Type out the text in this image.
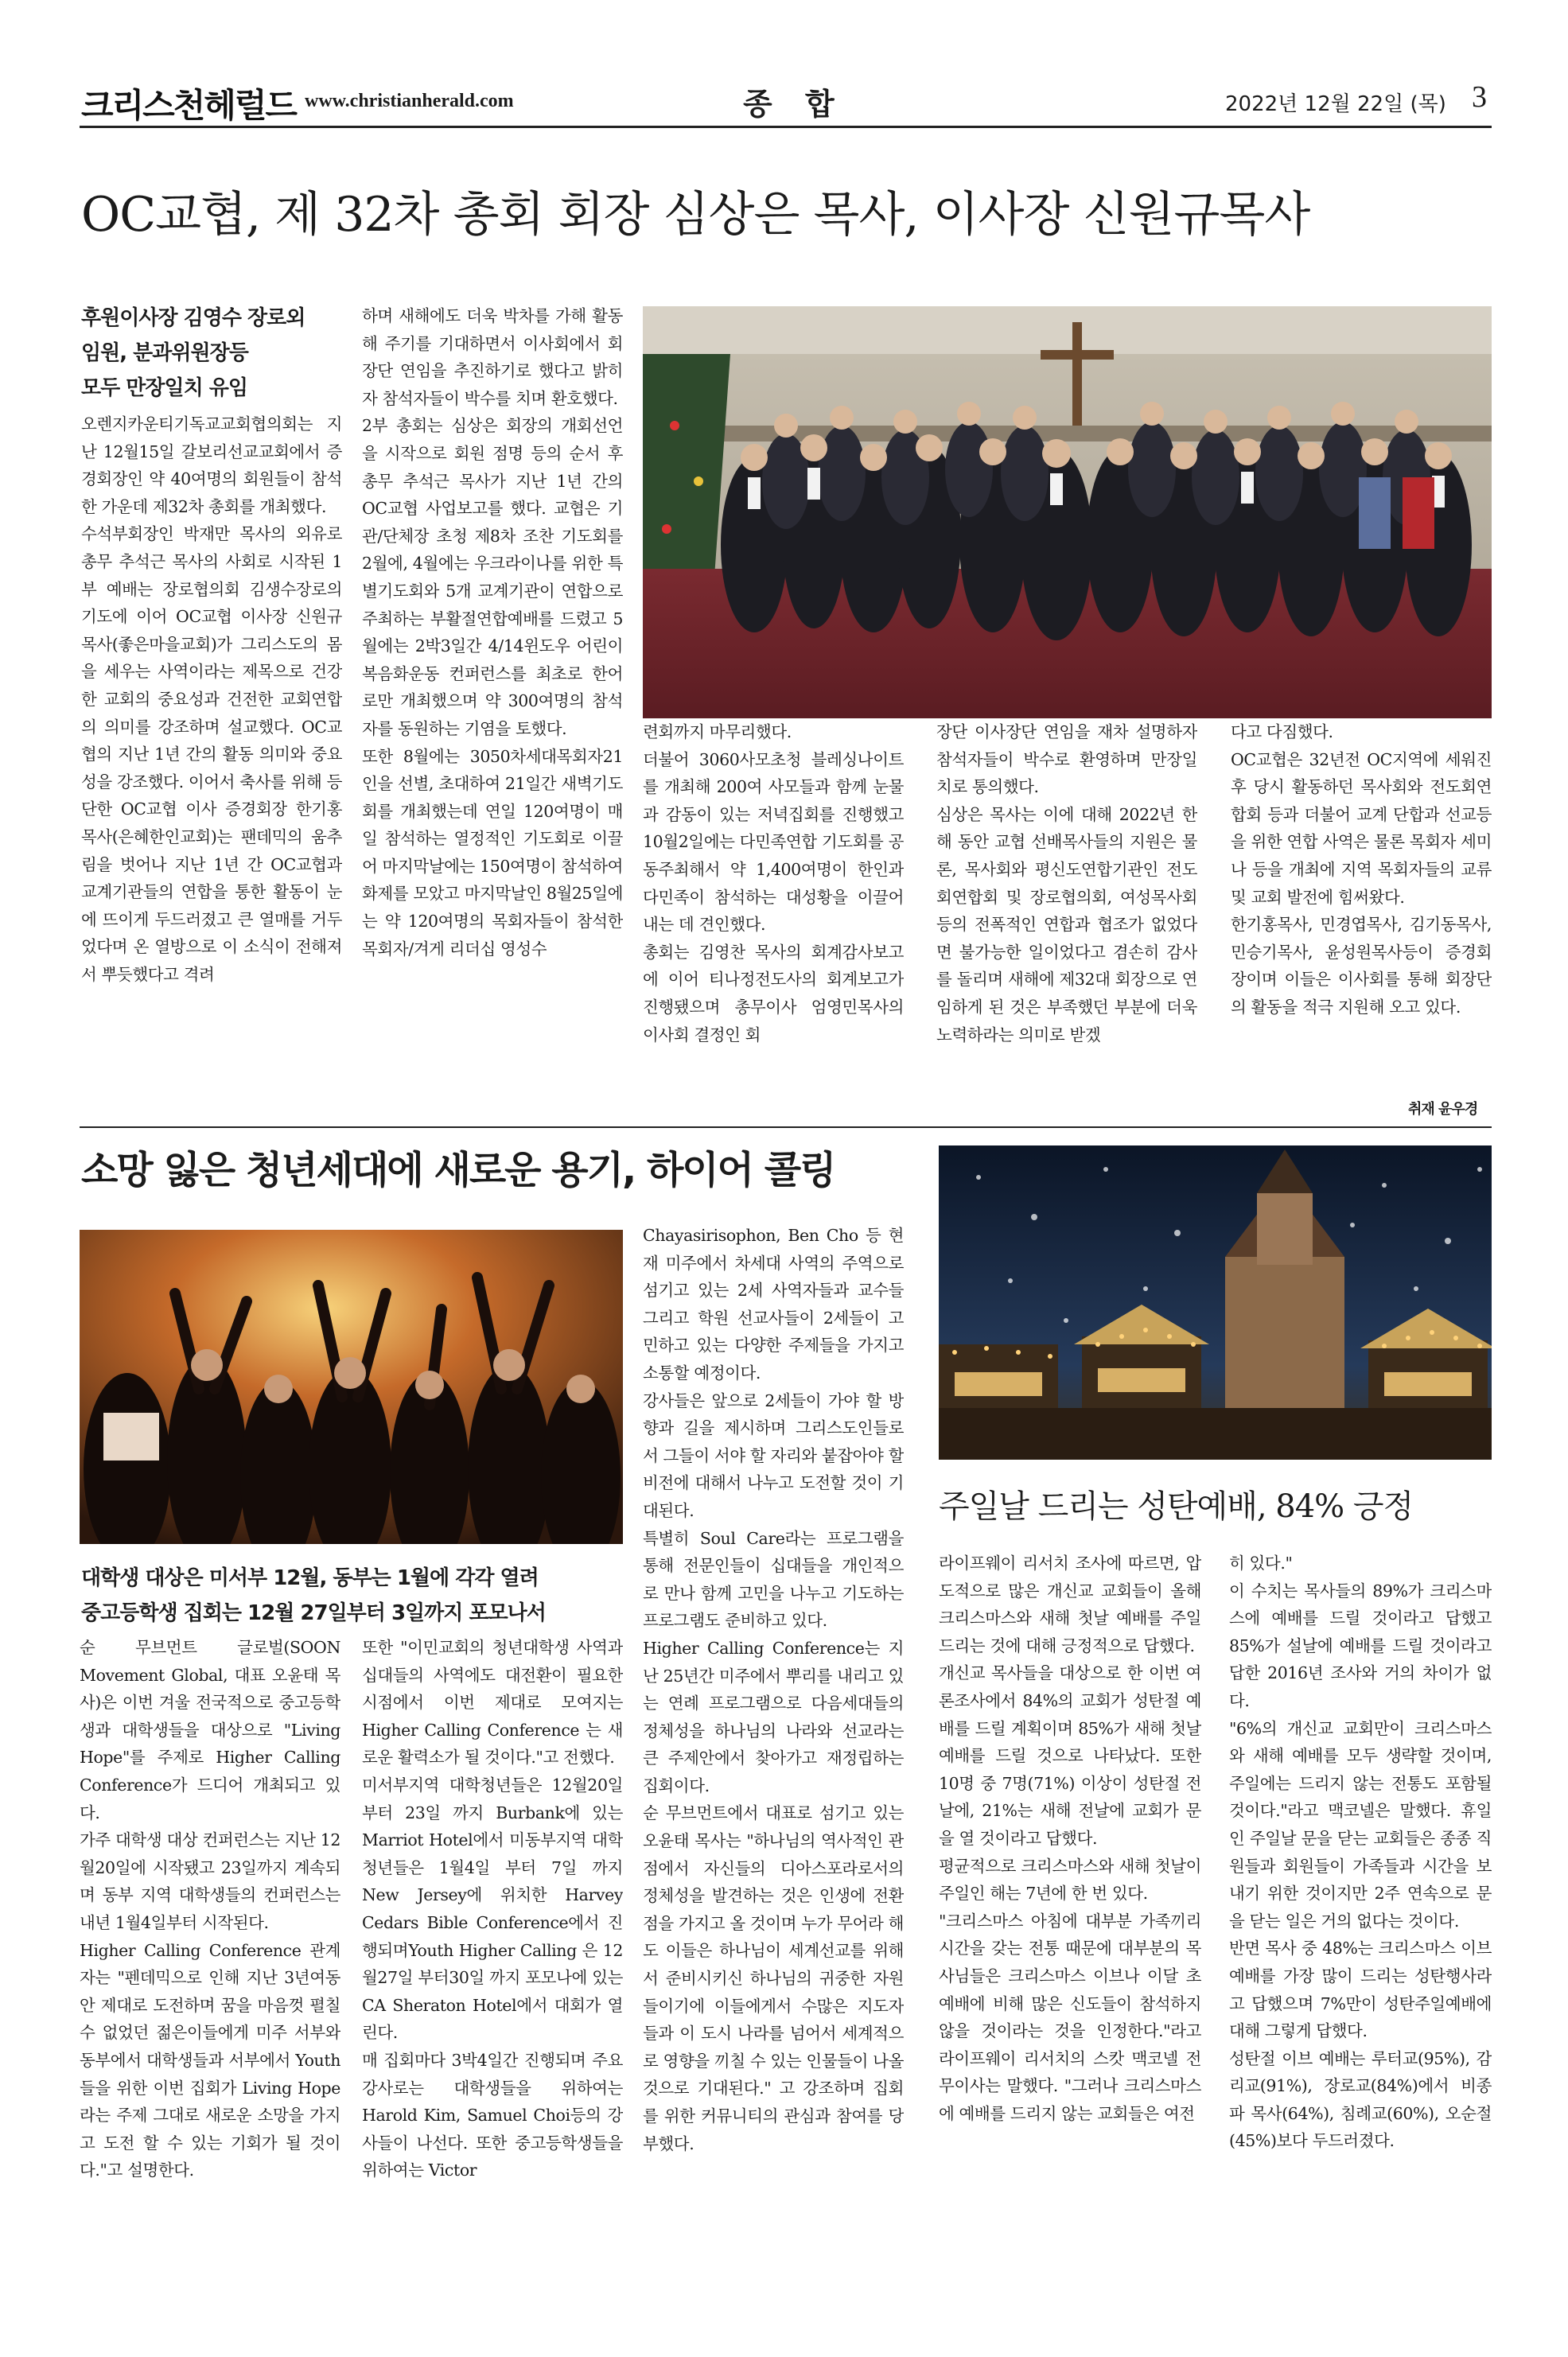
크리스천헤럴드 www.christianherald.com	종 합	2022년 12월 22일 (목) 3
OC교협, 제 32차 총회 회장 심상은 목사, 이사장 신원규목사
후원이사장 김영수 장로외
임원, 분과위원장등
모두 만장일치 유임
오렌지카운티기독교교회협의회는 지난 12월15일 갈보리선교교회에서 증경회장인 약 40여명의 회원들이 참석한 가운데 제32차 총회를 개최했다.
수석부회장인 박재만 목사의 외유로 총무 추석근 목사의 사회로 시작된 1부 예배는 장로협의회 김생수장로의 기도에 이어 OC교협 이사장 신원규 목사(좋은마을교회)가 그리스도의 몸을 세우는 사역이라는 제목으로 건강한 교회의 중요성과 건전한 교회연합의 의미를 강조하며 설교했다. OC교협의 지난 1년 간의 활동 의미와 중요성을 강조했다. 이어서 축사를 위해 등단한 OC교협 이사 증경회장 한기홍 목사(은혜한인교회)는 팬데믹의 움추림을 벗어나 지난 1년 간 OC교협과 교계기관들의 연합을 통한 활동이 눈에 뜨이게 두드러졌고 큰 열매를 거두었다며 온 열방으로 이 소식이 전해져서 뿌듯했다고 격려
하며 새해에도 더욱 박차를 가해 활동해 주기를 기대하면서 이사회에서 회장단 연임을 추진하기로 했다고 밝히자 참석자들이 박수를 치며 환호했다.
2부 총회는 심상은 회장의 개회선언을 시작으로 회원 점명 등의 순서 후 총무 추석근 목사가 지난 1년 간의 OC교협 사업보고를 했다. 교협은 기관/단체장 초청 제8차 조찬 기도회를 2월에, 4월에는 우크라이나를 위한 특별기도회와 5개 교계기관이 연합으로 주최하는 부활절연합예배를 드렸고 5월에는 2박3일간 4/14윈도우 어린이복음화운동 컨퍼런스를 최초로 한어로만 개최했으며 약 300여명의 참석자를 동원하는 기염을 토했다.
또한 8월에는 3050차세대목회자21인을 선별, 초대하여 21일간 새벽기도회를 개최했는데 연일 120여명이 매일 참석하는 열정적인 기도회로 이끌어 마지막날에는 150여명이 참석하여 화제를 모았고 마지막날인 8월25일에는 약 120여명의 목회자들이 참석한 목회자/겨게 리더십 영성수
련회까지 마무리했다.
더불어 3060사모초청 블레싱나이트를 개최해 200여 사모들과 함께 눈물과 감동이 있는 저녁집회를 진행했고 10월2일에는 다민족연합 기도회를 공동주최해서 약 1,400여명이 한인과 다민족이 참석하는 대성황을 이끌어내는 데 견인했다.
총회는 김영찬 목사의 회계감사보고에 이어 티나정전도사의 회계보고가 진행됐으며 총무이사 엄영민목사의 이사회 결정인 회
장단 이사장단 연임을 재차 설명하자 참석자들이 박수로 환영하며 만장일치로 통의했다.
심상은 목사는 이에 대해 2022년 한 해 동안 교협 선배목사들의 지원은 물론, 목사회와 평신도연합기관인 전도회연합회 및 장로협의회, 여성목사회 등의 전폭적인 연합과 협조가 없었다면 불가능한 일이었다고 겸손히 감사를 돌리며 새해에 제32대 회장으로 연임하게 된 것은 부족했던 부분에 더욱 노력하라는 의미로 받겠
다고 다짐했다.
OC교협은 32년전 OC지역에 세워진 후 당시 활동하던 목사회와 전도회연합회 등과 더불어 교계 단합과 선교등을 위한 연합 사역은 물론 목회자 세미나 등을 개최에 지역 목회자들의 교류 및 교회 발전에 힘써왔다.
한기홍목사, 민경엽목사, 김기동목사, 민승기목사, 윤성원목사등이 증경회장이며 이들은 이사회를 통해 회장단의 활동을 적극 지원해 오고 있다.
취재 윤우경
소망 잃은 청년세대에 새로운 용기, 하이어 콜링
대학생 대상은 미서부 12월, 동부는 1월에 각각 열려
중고등학생 집회는 12월 27일부터 3일까지 포모나서
순 무브먼트 글로벌(SOON Movement Global, 대표 오윤태 목사)은 이번 겨울 전국적으로 중고등학생과 대학생들을 대상으로 "Living Hope"를 주제로 Higher Calling Conference가 드디어 개최되고 있다.
가주 대학생 대상 컨퍼런스는 지난 12월20일에 시작됐고 23일까지 계속되며 동부 지역 대학생들의 컨퍼런스는 내년 1월4일부터 시작된다.
Higher Calling Conference 관계자는 "펜데믹으로 인해 지난 3년여동안 제대로 도전하며 꿈을 마음껏 펼칠 수 없었던 젊은이들에게 미주 서부와 동부에서 대학생들과 서부에서 Youth 들을 위한 이번 집회가 Living Hope라는 주제 그대로 새로운 소망을 가지고 도전 할 수 있는 기회가 될 것이다."고 설명한다.
또한 "이민교회의 청년대학생 사역과 십대들의 사역에도 대전환이 필요한 시점에서 이번 제대로 모여지는 Higher Calling Conference 는 새로운 활력소가 될 것이다."고 전했다.
미서부지역 대학청년들은 12월20일 부터 23일 까지 Burbank에 있는 Marriot Hotel에서 미동부지역 대학청년들은 1월4일 부터 7일 까지 New Jersey에 위치한 Harvey Cedars Bible Conference에서 진행되며Youth Higher Calling 은 12월27일 부터30일 까지 포모나에 있는 CA Sheraton Hotel에서 대회가 열린다.
매 집회마다 3박4일간 진행되며 주요강사로는 대학생들을 위하여는 Harold Kim, Samuel Choi등의 강사들이 나선다. 또한 중고등학생들을 위하여는 Victor
Chayasirisophon, Ben Cho 등 현재 미주에서 차세대 사역의 주역으로 섬기고 있는 2세 사역자들과 교수들 그리고 학원 선교사들이 2세들이 고민하고 있는 다양한 주제들을 가지고 소통할 예정이다.
강사들은 앞으로 2세들이 가야 할 방향과 길을 제시하며 그리스도인들로서 그들이 서야 할 자리와 붙잡아야 할 비전에 대해서 나누고 도전할 것이 기대된다.
특별히 Soul Care라는 프로그램을 통해 전문인들이 십대들을 개인적으로 만나 함께 고민을 나누고 기도하는 프로그램도 준비하고 있다.
Higher Calling Conference는 지난 25년간 미주에서 뿌리를 내리고 있는 연례 프로그램으로 다음세대들의 정체성을 하나님의 나라와 선교라는 큰 주제안에서 찾아가고 재정립하는 집회이다.
순 무브먼트에서 대표로 섬기고 있는 오윤태 목사는 "하나님의 역사적인 관점에서 자신들의 디아스포라로서의 정체성을 발견하는 것은 인생에 전환점을 가지고 올 것이며 누가 무어라 해도 이들은 하나님이 세계선교를 위해서 준비시키신 하나님의 귀중한 자원들이기에 이들에게서 수많은 지도자들과 이 도시 나라를 넘어서 세계적으로 영향을 끼칠 수 있는 인물들이 나올 것으로 기대된다." 고 강조하며 집회를 위한 커뮤니티의 관심과 참여를 당부했다.
주일날 드리는 성탄예배, 84% 긍정
라이프웨이 리서치 조사에 따르면, 압도적으로 많은 개신교 교회들이 올해 크리스마스와 새해 첫날 예배를 주일드리는 것에 대해 긍정적으로 답했다.
개신교 목사들을 대상으로 한 이번 여론조사에서 84%의 교회가 성탄절 예배를 드릴 계획이며 85%가 새해 첫날 예배를 드릴 것으로 나타났다. 또한 10명 중 7명(71%) 이상이 성탄절 전날에, 21%는 새해 전날에 교회가 문을 열 것이라고 답했다.
평균적으로 크리스마스와 새해 첫날이 주일인 해는 7년에 한 번 있다.
"크리스마스 아침에 대부분 가족끼리 시간을 갖는 전통 때문에 대부분의 목사님들은 크리스마스 이브나 이달 초 예배에 비해 많은 신도들이 참석하지 않을 것이라는 것을 인정한다."라고 라이프웨이 리서치의 스캇 맥코넬 전무이사는 말했다. "그러나 크리스마스에 예배를 드리지 않는 교회들은 여전
히 있다."
이 수치는 목사들의 89%가 크리스마스에 예배를 드릴 것이라고 답했고 85%가 설날에 예배를 드릴 것이라고 답한 2016년 조사와 거의 차이가 없다.
"6%의 개신교 교회만이 크리스마스와 새해 예배를 모두 생략할 것이며, 주일에는 드리지 않는 전통도 포함될 것이다."라고 맥코넬은 말했다. 휴일인 주일날 문을 닫는 교회들은 종종 직원들과 회원들이 가족들과 시간을 보내기 위한 것이지만 2주 연속으로 문을 닫는 일은 거의 없다는 것이다.
반면 목사 중 48%는 크리스마스 이브 예배를 가장 많이 드리는 성탄행사라고 답했으며 7%만이 성탄주일예배에 대해 그렇게 답했다.
성탄절 이브 예배는 루터교(95%), 감리교(91%), 장로교(84%)에서 비종파 목사(64%), 침례교(60%), 오순절(45%)보다 두드러졌다.
